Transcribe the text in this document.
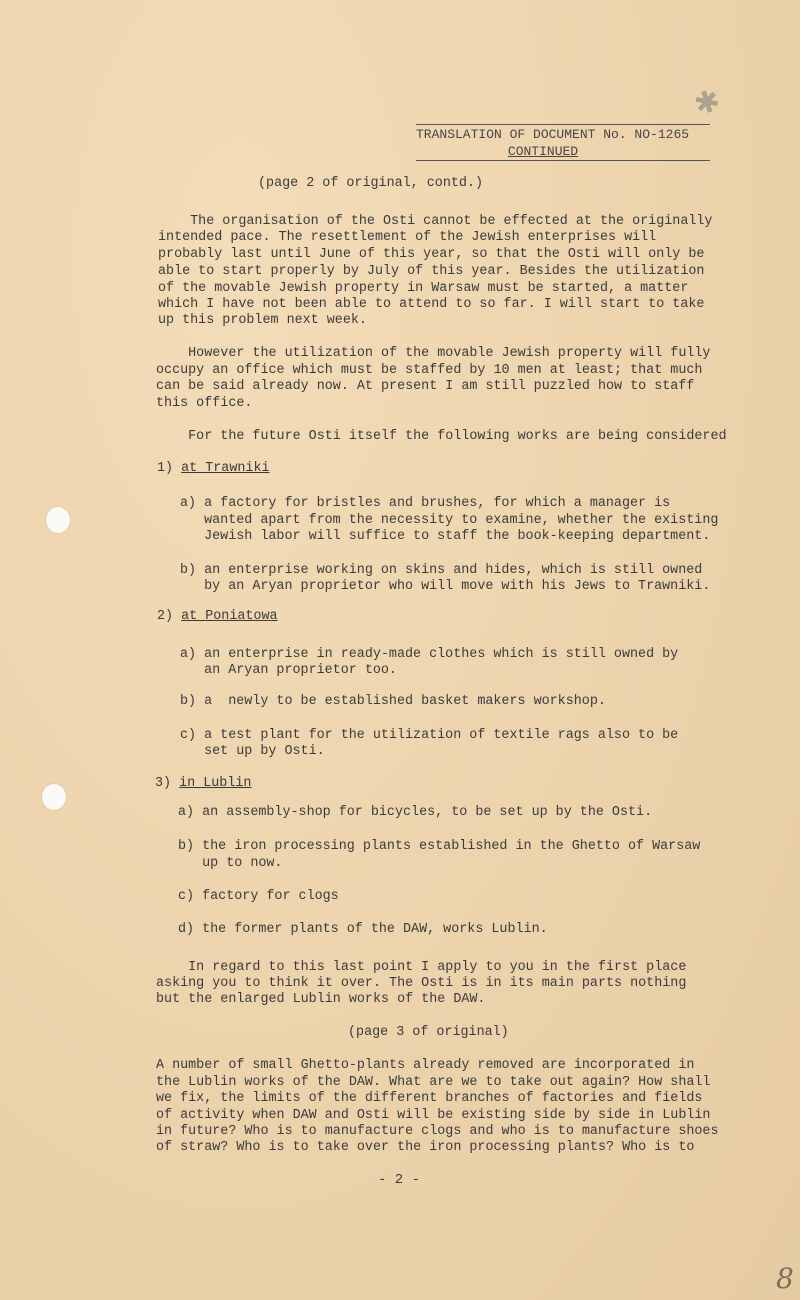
✱
TRANSLATION OF DOCUMENT No. NO-1265
CONTINUED
(page 2 of original, contd.)
The organisation of the Osti cannot be effected at the originally
intended pace. The resettlement of the Jewish enterprises will
probably last until June of this year, so that the Osti will only be
able to start properly by July of this year. Besides the utilization
of the movable Jewish property in Warsaw must be started, a matter
which I have not been able to attend to so far. I will start to take
up this problem next week.
However the utilization of the movable Jewish property will fully
occupy an office which must be staffed by 10 men at least; that much
can be said already now. At present I am still puzzled how to staff
this office.
For the future Osti itself the following works are being considered
1) at Trawniki
a) a factory for bristles and brushes, for which a manager is
wanted apart from the necessity to examine, whether the existing
Jewish labor will suffice to staff the book-keeping department.
b) an enterprise working on skins and hides, which is still owned
by an Aryan proprietor who will move with his Jews to Trawniki.
2) at Poniatowa
a) an enterprise in ready-made clothes which is still owned by
an Aryan proprietor too.
b) a  newly to be established basket makers workshop.
c) a test plant for the utilization of textile rags also to be
set up by Osti.
3) in Lublin
a) an assembly-shop for bicycles, to be set up by the Osti.
b) the iron processing plants established in the Ghetto of Warsaw
up to now.
c) factory for clogs
d) the former plants of the DAW, works Lublin.
In regard to this last point I apply to you in the first place
asking you to think it over. The Osti is in its main parts nothing
but the enlarged Lublin works of the DAW.
(page 3 of original)
A number of small Ghetto-plants already removed are incorporated in
the Lublin works of the DAW. What are we to take out again? How shall
we fix, the limits of the different branches of factories and fields
of activity when DAW and Osti will be existing side by side in Lublin
in future? Who is to manufacture clogs and who is to manufacture shoes
of straw? Who is to take over the iron processing plants? Who is to
- 2 -
8
